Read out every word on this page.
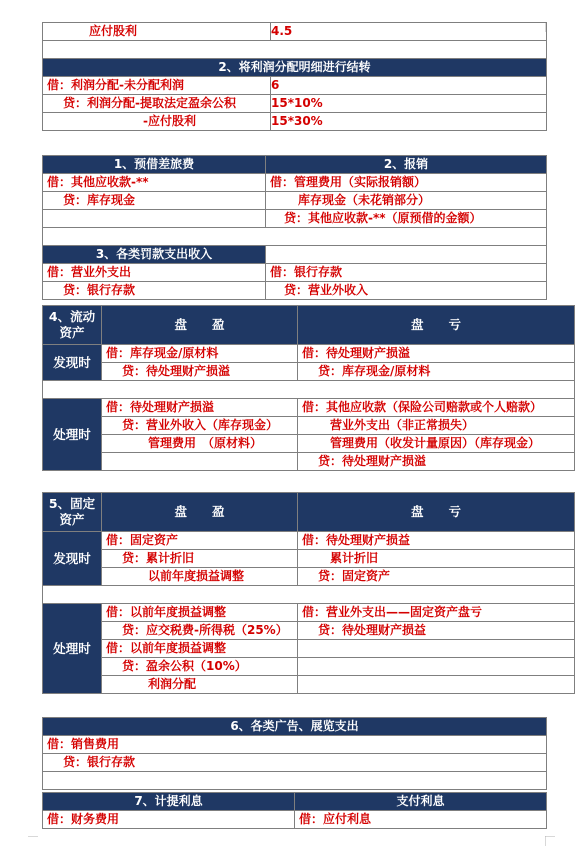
应付股利	4.5

2、将利润分配明细进行结转	
借：利润分配-未分配利润	6
贷：利润分配-提取法定盈余公积	15*10%
-应付股利	15*30%
1、预借差旅费	2、报销
借：其他应收款-**	借：管理费用（实际报销额）
贷：库存现金	库存现金（未花销部分）
	贷：其他应收款-**（原预借的金额）

3、各类罚款支出收入	
借：营业外支出	借：银行存款
贷：银行存款	贷：营业外收入
4、流动资产	盘　　盈	盘　　亏
发现时	借：库存现金/原材料	借：待处理财产损溢
	贷：待处理财产损溢	贷：库存现金/原材料

处理时	借：待处理财产损溢	借：其他应收款（保险公司赔款或个人赔款）
	贷：营业外收入（库存现金）	营业外支出（非正常损失）
	管理费用　（原材料）	管理费用（收发计量原因）（库存现金）
		贷：待处理财产损溢
5、固定资产	盘　　盈	盘　　亏
发现时	借：固定资产	借：待处理财产损益
	贷：累计折旧	累计折旧
	以前年度损益调整	贷：固定资产

处理时	借：以前年度损益调整	借：营业外支出——固定资产盘亏
	贷：应交税费-所得税（25%）	贷：待处理财产损益
	借：以前年度损益调整	
	贷：盈余公积（10%）	
	利润分配	
6、各类广告、展览支出
借：销售费用
贷：银行存款

7、计提利息	支付利息
借：财务费用	借：应付利息
